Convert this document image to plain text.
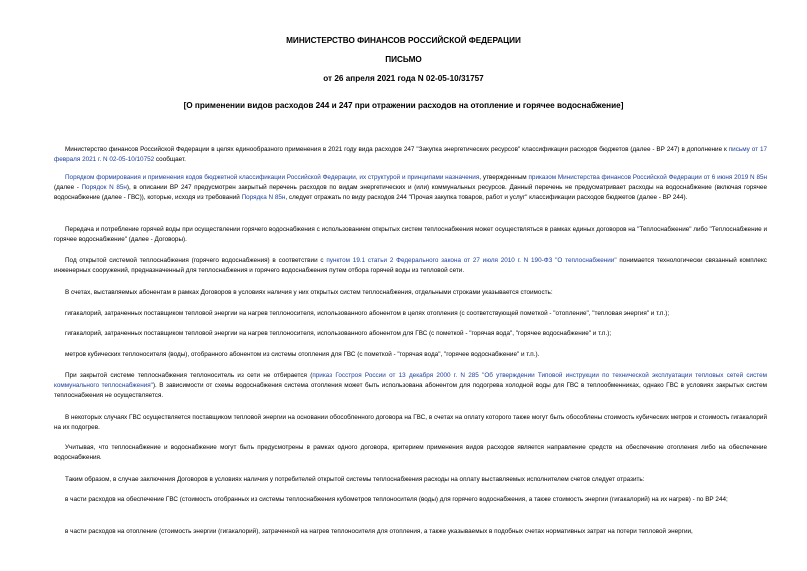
МИНИСТЕРСТВО ФИНАНСОВ РОССИЙСКОЙ ФЕДЕРАЦИИ
ПИСЬМО
от 26 апреля 2021 года N 02-05-10/31757
[О применении видов расходов 244 и 247 при отражении расходов на отопление и горячее водоснабжение]

Министерство финансов Российской Федерации в целях единообразного применения в 2021 году вида расходов 247 "Закупка энергетических ресурсов" классификации расходов бюджетов (далее - ВР 247) в дополнение к письму от 17 февраля 2021 г. N 02-05-10/10752 сообщает.

Порядком формирования и применения кодов бюджетной классификации Российской Федерации, их структурой и принципами назначения, утвержденным приказом Министерства финансов Российской Федерации от 6 июня 2019 N 85н (далее - Порядок N 85н), в описании ВР 247 предусмотрен закрытый перечень расходов по видам энергетических и (или) коммунальных ресурсов. Данный перечень не предусматривает расходы на водоснабжение (включая горячее водоснабжение (далее - ГВС)), которые, исходя из требований Порядка N 85н, следует отражать по виду расходов 244 "Прочая закупка товаров, работ и услуг" классификации расходов бюджетов (далее - ВР 244).

Передача и потребление горячей воды при осуществлении горячего водоснабжения с использованием открытых систем теплоснабжения может осуществляться в рамках единых договоров на "Теплоснабжение" либо "Теплоснабжение и горячее водоснабжение" (далее - Договоры).

Под открытой системой теплоснабжения (горячего водоснабжения) в соответствии с пунктом 19.1 статьи 2 Федерального закона от 27 июля 2010 г. N 190-ФЗ "О теплоснабжении" понимается технологически связанный комплекс инженерных сооружений, предназначенный для теплоснабжения и горячего водоснабжения путем отбора горячей воды из тепловой сети.

В счетах, выставляемых абонентам в рамках Договоров в условиях наличия у них открытых систем теплоснабжения, отдельными строками указывается стоимость:

гигакалорий, затраченных поставщиком тепловой энергии на нагрев теплоносителя, использованного абонентом в целях отопления (с соответствующей пометкой - "отопление", "тепловая энергия" и т.п.);

гигакалорий, затраченных поставщиком тепловой энергии на нагрев теплоносителя, использованного абонентом для ГВС (с пометкой - "горячая вода", "горячее водоснабжение" и т.п.);

метров кубических теплоносителя (воды), отобранного абонентом из системы отопления для ГВС (с пометкой - "горячая вода", "горячее водоснабжение" и т.п.).

При закрытой системе теплоснабжения теплоноситель из сети не отбирается (приказ Госстроя России от 13 декабря 2000 г. N 285 "Об утверждении Типовой инструкции по технической эксплуатации тепловых сетей систем коммунального теплоснабжения"). В зависимости от схемы водоснабжения система отопления может быть использована абонентом для подогрева холодной воды для ГВС в теплообменниках, однако ГВС в условиях закрытых систем теплоснабжения не осуществляется.

В некоторых случаях ГВС осуществляется поставщиком тепловой энергии на основании обособленного договора на ГВС, в счетах на оплату которого также могут быть обособлены стоимость кубических метров и стоимость гигакалорий на их подогрев.

Учитывая, что теплоснабжение и водоснабжение могут быть предусмотрены в рамках одного договора, критерием применения видов расходов является направление средств на обеспечение отопления либо на обеспечение водоснабжения.

Таким образом, в случае заключения Договоров в условиях наличия у потребителей открытой системы теплоснабжения расходы на оплату выставляемых исполнителем счетов следует отразить:

в части расходов на обеспечение ГВС (стоимость отобранных из системы теплоснабжения кубометров теплоносителя (воды) для горячего водоснабжения, а также стоимость энергии (гигакалорий) на их нагрев) - по ВР 244;

в части расходов на отопление (стоимость энергии (гигакалорий), затраченной на нагрев теплоносителя для отопления, а также указываемых в подобных счетах нормативных затрат на потери тепловой энергии,
